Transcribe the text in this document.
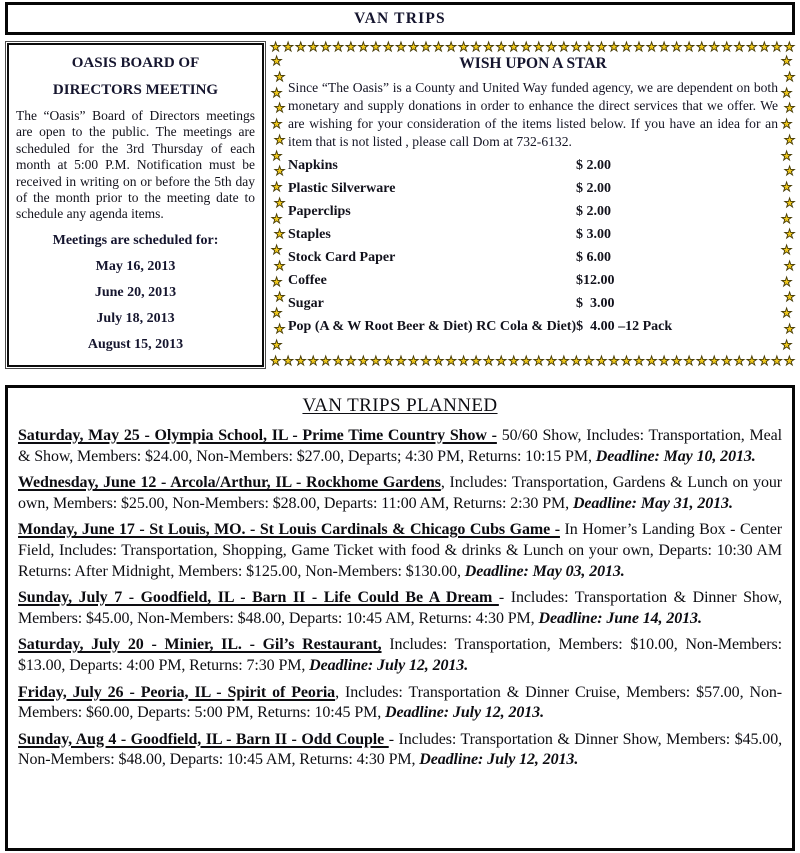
VAN TRIPS
OASIS BOARD OF
DIRECTORS MEETING
The “Oasis” Board of Directors meetings are open to the public. The meetings are scheduled for the 3rd Thursday of each month at 5:00 P.M. Notification must be received in writing on or before the 5th day of the month prior to the meeting date to schedule any agenda items.
Meetings are scheduled for:
May 16, 2013
June 20, 2013
July 18, 2013
August 15, 2013
★ ★ ★ ★ ★ ★ ★ ★ ★ ★ ★ ★ ★ ★ ★ ★ ★ ★ ★ ★ ★ ★ ★ ★ ★ ★ ★ ★ ★ ★ ★ ★ ★ ★ ★ ★ ★ ★ ★ ★ ★ ★
★
★
★
★
★
★
★
★
★
★
★
★
★
★
★
★
★
★
★
★
★
★
★
★
★
★
★
★
★
★
★
★
★
★
★
★
★
★
★ ★ ★ ★ ★ ★ ★ ★ ★ ★ ★ ★ ★ ★ ★ ★ ★ ★ ★ ★ ★ ★ ★ ★ ★ ★ ★ ★ ★ ★ ★ ★ ★ ★ ★ ★ ★ ★ ★ ★ ★ ★
WISH UPON A STAR
Since “The Oasis” is a County and United Way funded agency, we are dependent on both monetary and supply donations in order to enhance the direct services that we offer. We are wishing for your consideration of the items listed below. If you have an idea for an item that is not listed , please call Dom at 732-6132.
Napkins	$ 2.00
Plastic Silverware	$ 2.00
Paperclips	$ 2.00
Staples	$ 3.00
Stock Card Paper	$ 6.00
Coffee	$12.00
Sugar	$  3.00
Pop (A & W Root Beer & Diet) RC Cola & Diet) $  4.00 –12 Pack
VAN TRIPS PLANNED

Saturday, May 25 - Olympia School, IL - Prime Time Country Show - 50/60 Show, Includes: Transportation, Meal & Show, Members: $24.00, Non-Members: $27.00, Departs; 4:30 PM, Returns: 10:15 PM, Deadline: May 10, 2013.

Wednesday, June 12 - Arcola/Arthur, IL - Rockhome Gardens, Includes: Transportation, Gardens & Lunch on your own, Members: $25.00, Non-Members: $28.00, Departs: 11:00 AM, Returns: 2:30 PM, Deadline: May 31, 2013.

Monday, June 17 - St Louis, MO. - St Louis Cardinals & Chicago Cubs Game - In Homer’s Landing Box - Center Field, Includes: Transportation, Shopping, Game Ticket with food & drinks & Lunch on your own, Departs: 10:30 AM Returns: After Midnight, Members: $125.00, Non-Members: $130.00, Deadline: May 03, 2013.

Sunday, July 7 - Goodfield, IL - Barn II - Life Could Be A Dream - Includes: Transportation & Dinner Show, Members: $45.00, Non-Members: $48.00, Departs: 10:45 AM, Returns: 4:30 PM, Deadline: June 14, 2013.

Saturday, July 20 - Minier, IL. - Gil’s Restaurant, Includes: Transportation, Members: $10.00, Non-Members: $13.00, Departs: 4:00 PM, Returns: 7:30 PM, Deadline: July 12, 2013.

Friday, July 26 - Peoria, IL - Spirit of Peoria, Includes: Transportation & Dinner Cruise, Members: $57.00, Non-Members: $60.00, Departs: 5:00 PM, Returns: 10:45 PM, Deadline: July 12, 2013.

Sunday, Aug 4 - Goodfield, IL - Barn II - Odd Couple - Includes: Transportation & Dinner Show, Members: $45.00, Non-Members: $48.00, Departs: 10:45 AM, Returns: 4:30 PM, Deadline: July 12, 2013.
